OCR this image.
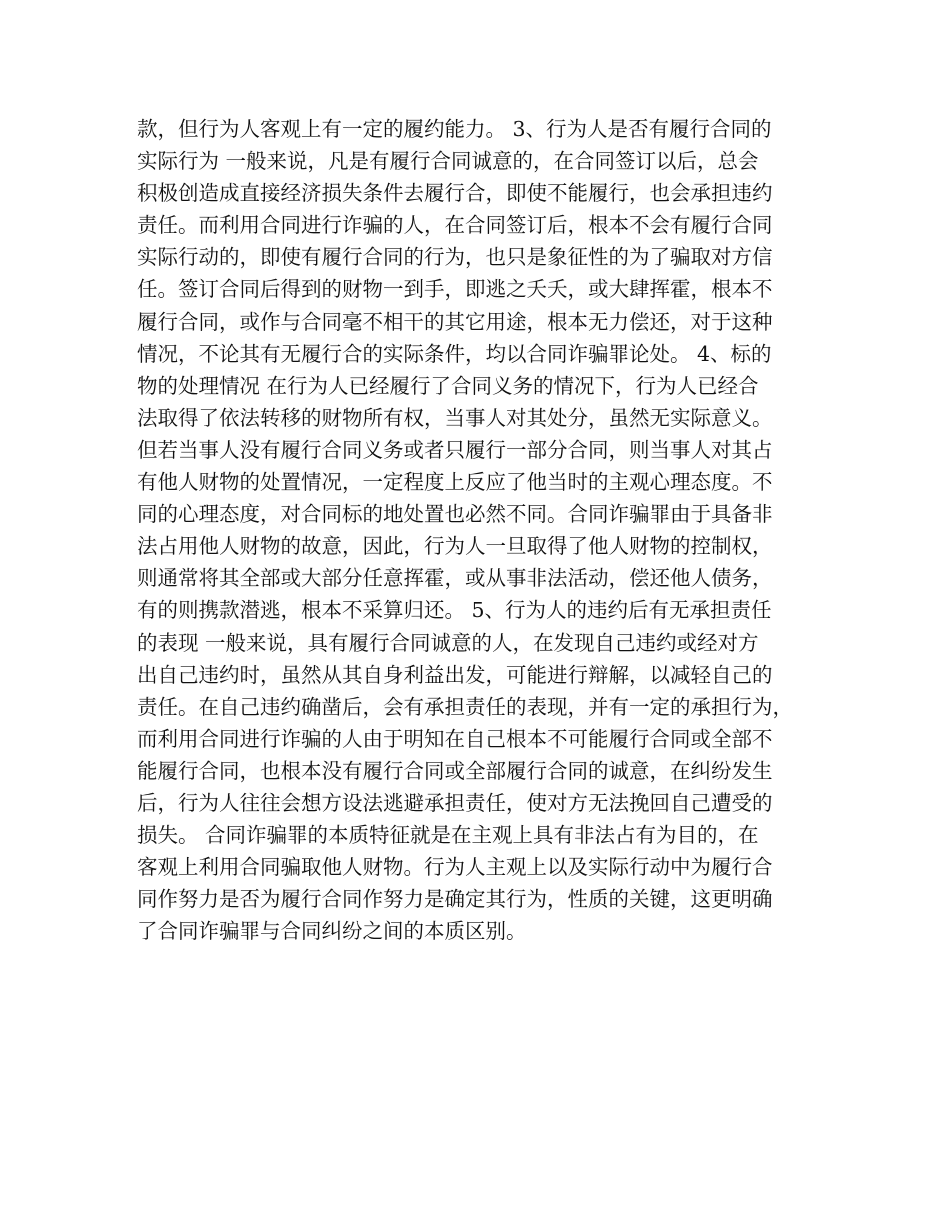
款，但行为人客观上有一定的履约能力。 3、行为人是否有履行合同的
实际行为 一般来说，凡是有履行合同诚意的，在合同签订以后，总会
积极创造成直接经济损失条件去履行合，即使不能履行，也会承担违约
责任。而利用合同进行诈骗的人，在合同签订后，根本不会有履行合同
实际行动的，即使有履行合同的行为，也只是象征性的为了骗取对方信
任。签订合同后得到的财物一到手，即逃之夭夭，或大肆挥霍，根本不
履行合同，或作与合同毫不相干的其它用途，根本无力偿还，对于这种
情况，不论其有无履行合的实际条件，均以合同诈骗罪论处。 4、标的
物的处理情况 在行为人已经履行了合同义务的情况下，行为人已经合
法取得了依法转移的财物所有权，当事人对其处分，虽然无实际意义。
但若当事人没有履行合同义务或者只履行一部分合同，则当事人对其占
有他人财物的处置情况，一定程度上反应了他当时的主观心理态度。不
同的心理态度，对合同标的地处置也必然不同。合同诈骗罪由于具备非
法占用他人财物的故意，因此，行为人一旦取得了他人财物的控制权，
则通常将其全部或大部分任意挥霍，或从事非法活动，偿还他人债务，
有的则携款潜逃，根本不采算归还。 5、行为人的违约后有无承担责任
的表现 一般来说，具有履行合同诚意的人，在发现自己违约或经对方
出自己违约时，虽然从其自身利益出发，可能进行辩解，以减轻自己的
责任。在自己违约确凿后，会有承担责任的表现，并有一定的承担行为，
而利用合同进行诈骗的人由于明知在自己根本不可能履行合同或全部不
能履行合同，也根本没有履行合同或全部履行合同的诚意，在纠纷发生
后，行为人往往会想方设法逃避承担责任，使对方无法挽回自己遭受的
损失。 合同诈骗罪的本质特征就是在主观上具有非法占有为目的，在
客观上利用合同骗取他人财物。行为人主观上以及实际行动中为履行合
同作努力是否为履行合同作努力是确定其行为，性质的关键，这更明确
了合同诈骗罪与合同纠纷之间的本质区别。
